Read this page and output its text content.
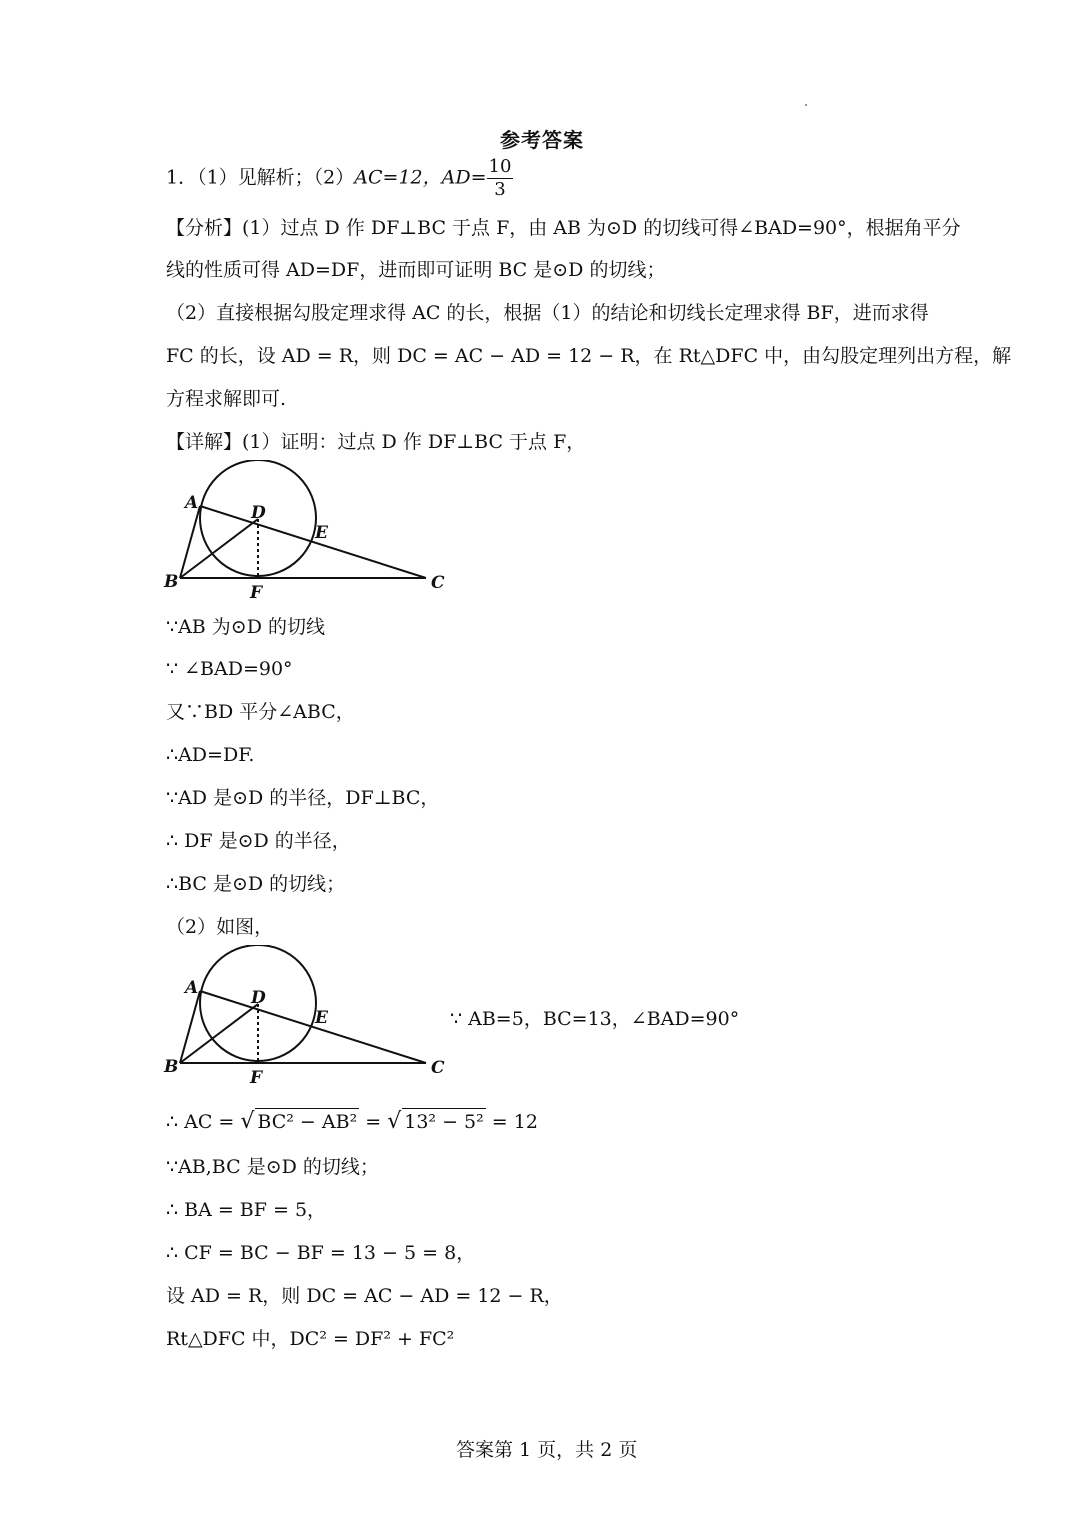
参考答案
1．（1）见解析；（2）AC=12，$AD= \frac{10}{3}$
【分析】(1）过点 D 作 DF⊥BC 于点 F，由 AB 为⊙D 的切线可得∠BAD=90°，根据角平分
线的性质可得 AD=DF，进而即可证明 BC 是⊙D 的切线；
（2）直接根据勾股定理求得 AC 的长，根据（1）的结论和切线长定理求得 BF，进而求得
FC 的长，设 AD = R，则 DC = AC − AD = 12 − R，在 Rt△DFC 中，由勾股定理列出方程，解
方程求解即可.
【详解】(1）证明：过点 D 作 DF⊥BC 于点 F，
A	D
E
B
F	C
∵AB 为⊙D 的切线
∵ ∠BAD=90°
又∵BD 平分∠ABC，
∴AD=DF.
∵AD 是⊙D 的半径，DF⊥BC，
∴ DF 是⊙D 的半径，
∴BC 是⊙D 的切线；
（2）如图，
A	D
E
B
F	C
∵ AB=5，BC=13，∠BAD=90°
∴ AC = √ BC² − AB² = √ 13² − 5² = 12
∵AB,BC 是⊙D 的切线；
∴ BA = BF = 5，
∴ CF = BC − BF = 13 − 5 = 8，
设 AD = R，则 DC = AC − AD = 12 − R，
Rt△DFC 中，DC² = DF² + FC²
答案第 1 页，共 2 页
